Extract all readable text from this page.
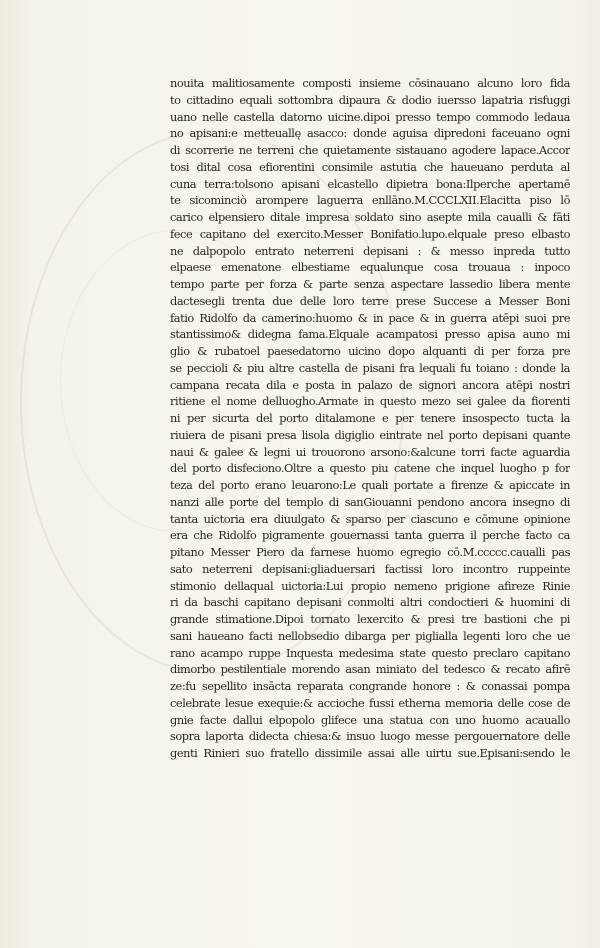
nouita malitiosamente composti insieme cōsinauano alcuno loro fida
to cittadino equali sottombra dipaura & dodio iuersso lapatria risfuggi
uano nelle castella datorno uicine.dipoi presso tempo commodo ledaua
no apisani:e metteuallę asacco: donde aguisa dipredoni faceuano ogni
di scorrerie ne terreni che quietamente sistauano agodere lapace.Accor
tosi dital cosa efiorentini consimile astutia che haueuano perduta al
cuna terra:tolsono apisani elcastello dipietra bona:Ilperche apertamē
te sicominciò arompere laguerra enllāno.M.CCCLXII.Elacitta piso lō
carico elpensiero ditale impresa soldato sino asepte mila caualli & fāti
fece capitano del exercito.Messer Bonifatio.lupo.elquale preso elbasto
ne dalpopolo entrato neterreni depisani : & messo inpreda tutto
elpaese emenatone elbestiame equalunque cosa trouaua : inpoco
tempo parte per forza & parte senza aspectare lassedio libera mente
dactesegli trenta due delle loro terre prese Succese a Messer Boni
fatio Ridolfo da camerino:huomo & in pace & in guerra atēpi suoi pre
stantissimo& didegna fama.Elquale acampatosi presso apisa auno mi
glio & rubatoel paesedatorno uicino dopo alquanti di per forza pre
se peccioli & piu altre castella de pisani fra lequali fu toiano : donde la
campana recata dila e posta in palazo de signori ancora atēpi nostri
ritiene el nome delluogho.Armate in questo mezo sei galee da fiorenti
ni per sicurta del porto ditalamone e per tenere insospecto tucta la
riuiera de pisani presa lisola digiglio eintrate nel porto depisani quante
naui & galee & legni ui trouorono arsono:&alcune torri facte aguardia
del porto disfeciono.Oltre a questo piu catene che inquel luogho p for
teza del porto erano leuarono:Le quali portate a firenze & apiccate in
nanzi alle porte del templo di sanGiouanni pendono ancora insegno di
tanta uictoria era diuulgato & sparso per ciascuno e cōmune opinione
era che Ridolfo pigramente gouernassi tanta guerra il perche facto ca
pitano Messer Piero da farnese huomo egregio cō.M.ccccc.caualli pas
sato neterreni depisani:gliaduersari factissi loro incontro ruppeinte
stimonio dellaqual uictoria:Lui propio nemeno prigione afireze Rinie
ri da baschi capitano depisani conmolti altri condoctieri & huomini di
grande stimatione.Dipoi tornato lexercito & presi tre bastioni che pi
sani haueano facti nellobsedio dibarga per piglialla legenti loro che ue
rano acampo ruppe Inquesta medesima state questo preclaro capitano
dimorbo pestilentiale morendo asan miniato del tedesco & recato afirē
ze:fu sepellito insācta reparata congrande honore : & conassai pompa
celebrate lesue exequie:& accioche fussi etherna memoria delle cose de
gnie facte dallui elpopolo glifece una statua con uno huomo acauallo
sopra laporta didecta chiesa:& insuo luogo messe pergouernatore delle
genti Rinieri suo fratello dissimile assai alle uirtu sue.Episani:sendo le
